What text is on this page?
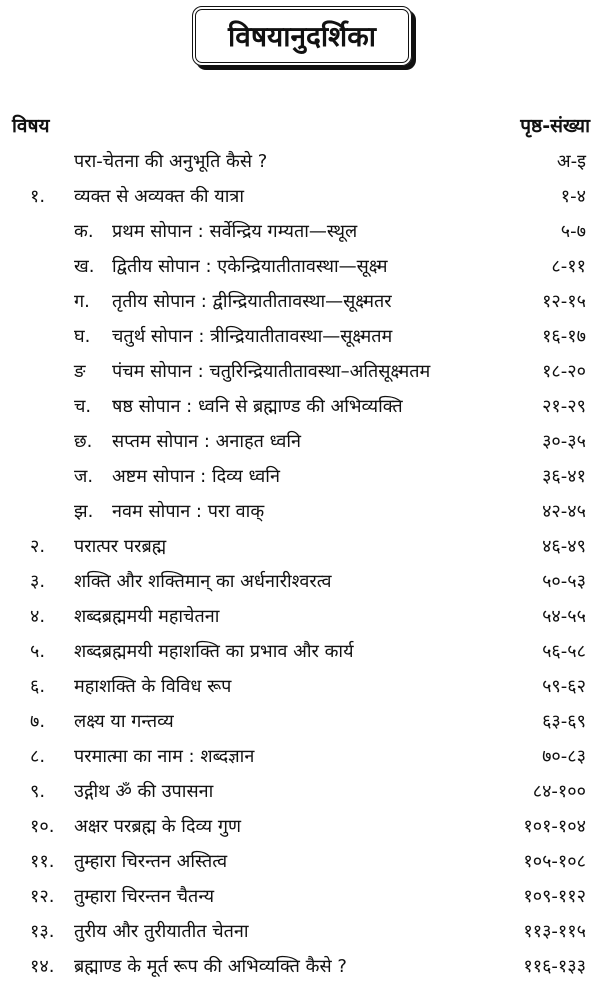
विषयानुदर्शिका
विषय	पृष्ठ-संख्या
परा-चेतना की अनुभूति कैसे ?	अ-इ
१. व्यक्त से अव्यक्त की यात्रा	१-४
क. प्रथम सोपान : सर्वेन्द्रिय गम्यता—स्थूल	५-७
ख. द्वितीय सोपान : एकेन्द्रियातीतावस्था—सूक्ष्म	८-११
ग. तृतीय सोपान : द्वीन्द्रियातीतावस्था—सूक्ष्मतर	१२-१५
घ. चतुर्थ सोपान : त्रीन्द्रियातीतावस्था—सूक्ष्मतम	१६-१७
ङ पंचम सोपान : चतुरिन्द्रियातीतावस्था–अतिसूक्ष्मतम	१८-२०
च. षष्ठ सोपान : ध्वनि से ब्रह्माण्ड की अभिव्यक्ति	२१-२९
छ. सप्तम सोपान : अनाहत ध्वनि	३०-३५
ज. अष्टम सोपान : दिव्य ध्वनि	३६-४१
झ. नवम सोपान : परा वाक्	४२-४५
२. परात्पर परब्रह्म	४६-४९
३. शक्ति और शक्तिमान् का अर्धनारीश्वरत्व	५०-५३
४. शब्दब्रह्ममयी महाचेतना	५४-५५
५. शब्दब्रह्ममयी महाशक्ति का प्रभाव और कार्य	५६-५८
६. महाशक्ति के विविध रूप	५९-६२
७. लक्ष्य या गन्तव्य	६३-६९
८. परमात्मा का नाम : शब्दज्ञान	७०-८३
९. उद्गीथ ॐ की उपासना	८४-१००
१०. अक्षर परब्रह्म के दिव्य गुण	१०१-१०४
११. तुम्हारा चिरन्तन अस्तित्व	१०५-१०८
१२. तुम्हारा चिरन्तन चैतन्य	१०९-११२
१३. तुरीय और तुरीयातीत चेतना	११३-११५
१४. ब्रह्माण्ड के मूर्त रूप की अभिव्यक्ति कैसे ?	११६-१३३
